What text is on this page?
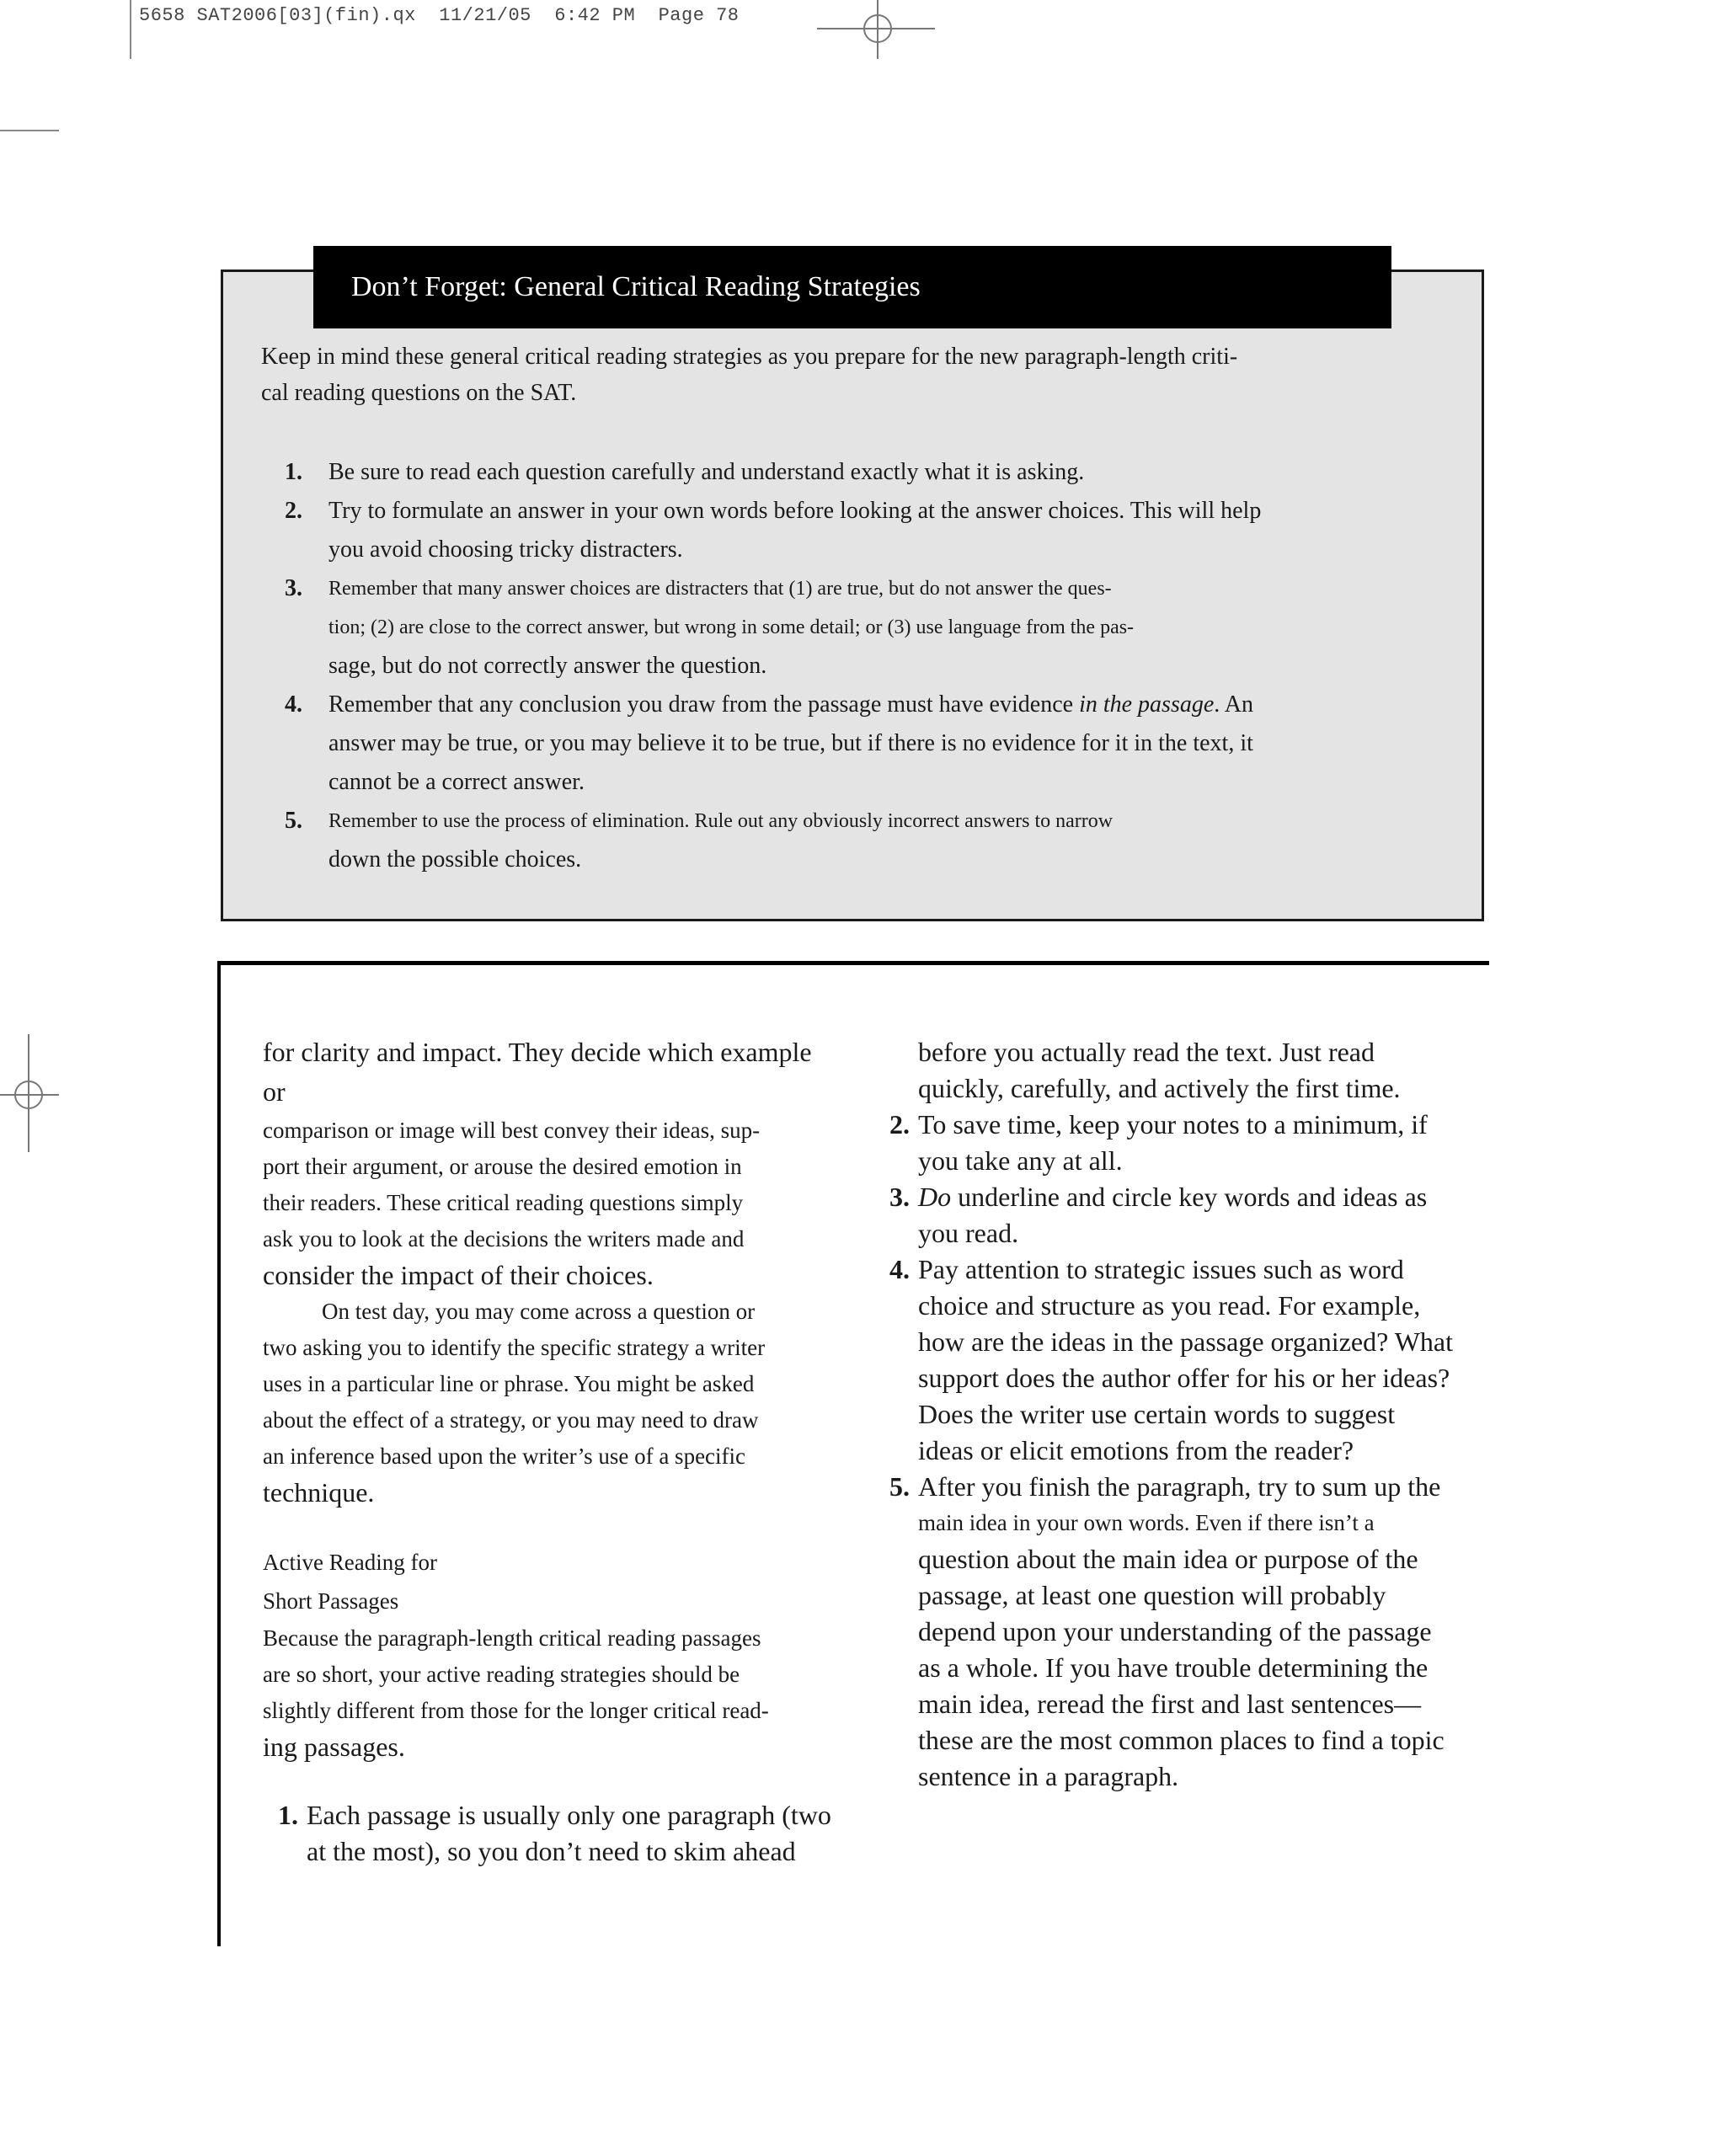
5658 SAT2006[03](fin).qx  11/21/05  6:42 PM  Page 78
Don’t Forget: General Critical Reading Strategies
Keep in mind these general critical reading strategies as you prepare for the new paragraph-length criti-
cal reading questions on the SAT.
1. Be sure to read each question carefully and understand exactly what it is asking.
2. Try to formulate an answer in your own words before looking at the answer choices. This will help
you avoid choosing tricky distracters.
3. Remember that many answer choices are distracters that (1) are true, but do not answer the ques-
tion; (2) are close to the correct answer, but wrong in some detail; or (3) use language from the pas-
sage, but do not correctly answer the question.
4. Remember that any conclusion you draw from the passage must have evidence in the passage. An
answer may be true, or you may believe it to be true, but if there is no evidence for it in the text, it
cannot be a correct answer.
5. Remember to use the process of elimination. Rule out any obviously incorrect answers to narrow
down the possible choices.
for clarity and impact. They decide which example
or
comparison or image will best convey their ideas, sup-
port their argument, or arouse the desired emotion in
their readers. These critical reading questions simply
ask you to look at the decisions the writers made and
consider the impact of their choices.
On test day, you may come across a question or
two asking you to identify the specific strategy a writer
uses in a particular line or phrase. You might be asked
about the effect of a strategy, or you may need to draw
an inference based upon the writer’s use of a specific
technique.
Active Reading for
Short Passages
Because the paragraph-length critical reading passages
are so short, your active reading strategies should be
slightly different from those for the longer critical read-
ing passages.
1. Each passage is usually only one paragraph (two
at the most), so you don’t need to skim ahead
before you actually read the text. Just read
quickly, carefully, and actively the first time.
2. To save time, keep your notes to a minimum, if
you take any at all.
3. Do underline and circle key words and ideas as
you read.
4. Pay attention to strategic issues such as word
choice and structure as you read. For example,
how are the ideas in the passage organized? What
support does the author offer for his or her ideas?
Does the writer use certain words to suggest
ideas or elicit emotions from the reader?
5. After you finish the paragraph, try to sum up the
main idea in your own words. Even if there isn’t a
question about the main idea or purpose of the
passage, at least one question will probably
depend upon your understanding of the passage
as a whole. If you have trouble determining the
main idea, reread the first and last sentences—
these are the most common places to find a topic
sentence in a paragraph.
